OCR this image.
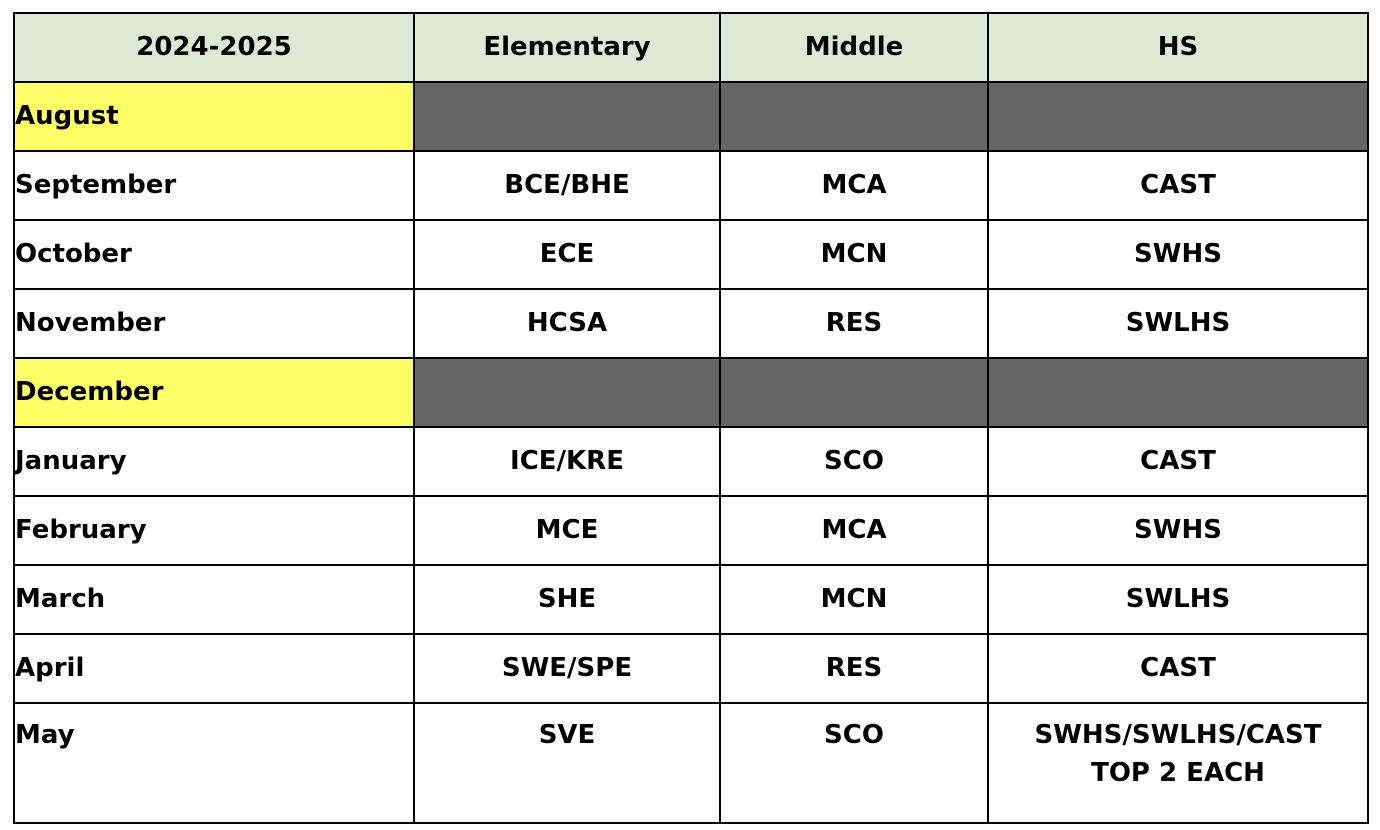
2024-2025	Elementary	Middle	HS
August			
September	BCE/BHE	MCA	CAST
October	ECE	MCN	SWHS
November	HCSA	RES	SWLHS
December			
January	ICE/KRE	SCO	CAST
February	MCE	MCA	SWHS
March	SHE	MCN	SWLHS
April	SWE/SPE	RES	CAST
May	SVE	SCO	SWHS/SWLHS/CAST
TOP 2 EACH
